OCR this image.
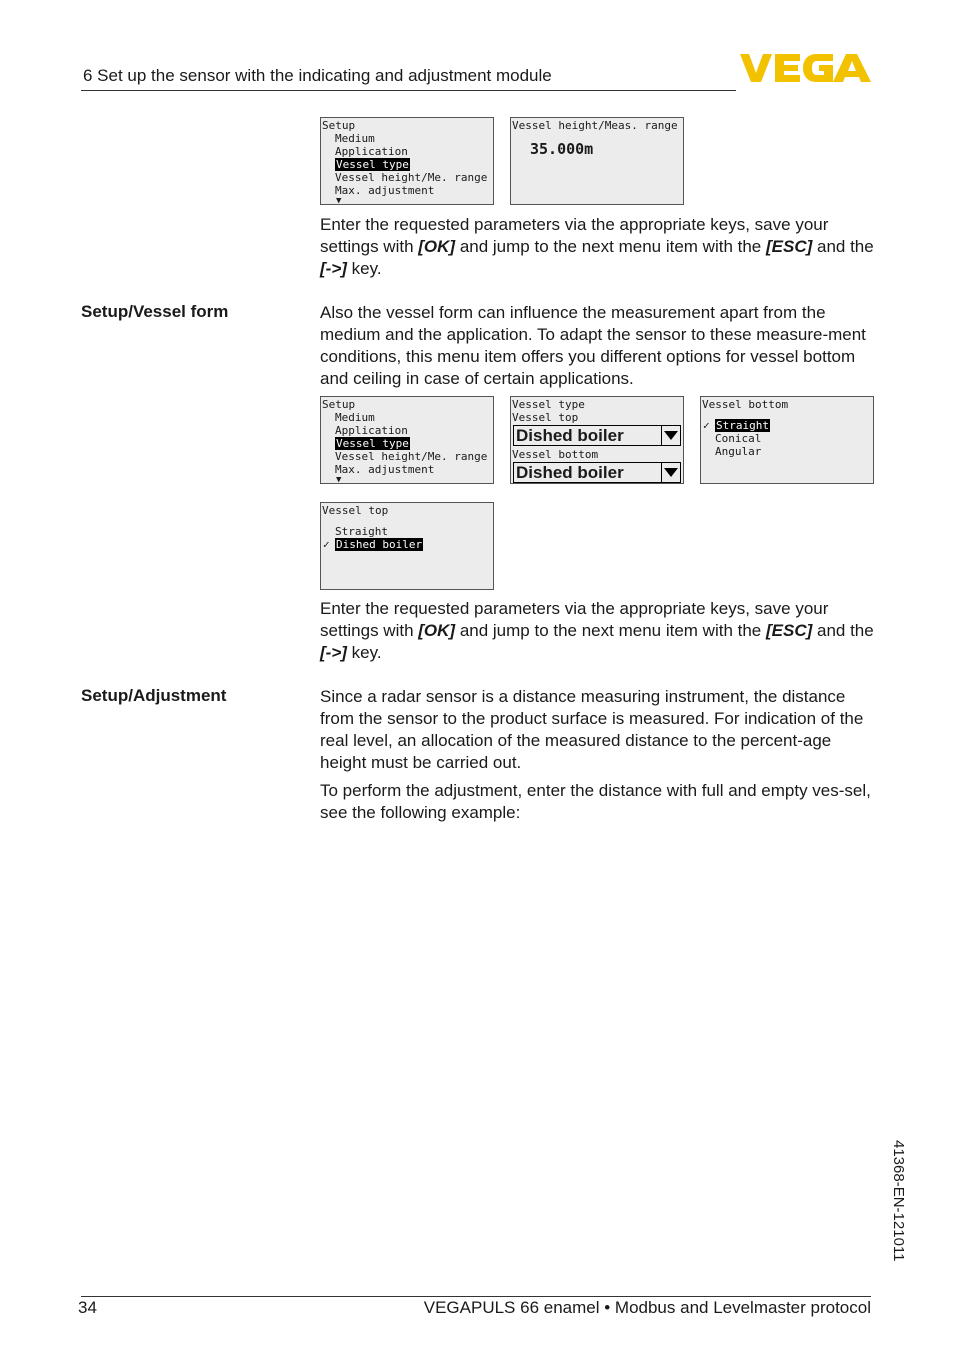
6 Set up the sensor with the indicating and adjustment module
Setup
Medium
Application
Vessel type
Vessel height/Me. range
Max. adjustment
▼
Vessel height/Meas. range
35.000m
Enter the requested parameters via the appropriate keys, save your settings with [OK] and jump to the next menu item with the [ESC] and the [->] key.
Setup/Vessel form	Also the vessel form can influence the measurement apart from the medium and the application. To adapt the sensor to these measure-ment conditions, this menu item offers you different options for vessel bottom and ceiling in case of certain applications.
Setup
Medium
Application
Vessel type
Vessel height/Me. range
Max. adjustment
▼
Vessel type
Vessel top
Dished boiler
Vessel bottom
Dished boiler
Vessel bottom
✓ Straight
Conical
Angular
Vessel top
Straight
✓ Dished boiler
Enter the requested parameters via the appropriate keys, save your settings with [OK] and jump to the next menu item with the [ESC] and the [->] key.
Setup/Adjustment	Since a radar sensor is a distance measuring instrument, the distance from the sensor to the product surface is measured. For indication of the real level, an allocation of the measured distance to the percent-age height must be carried out.
To perform the adjustment, enter the distance with full and empty ves-sel, see the following example:
41368-EN-121011
34	VEGAPULS 66 enamel • Modbus and Levelmaster protocol
